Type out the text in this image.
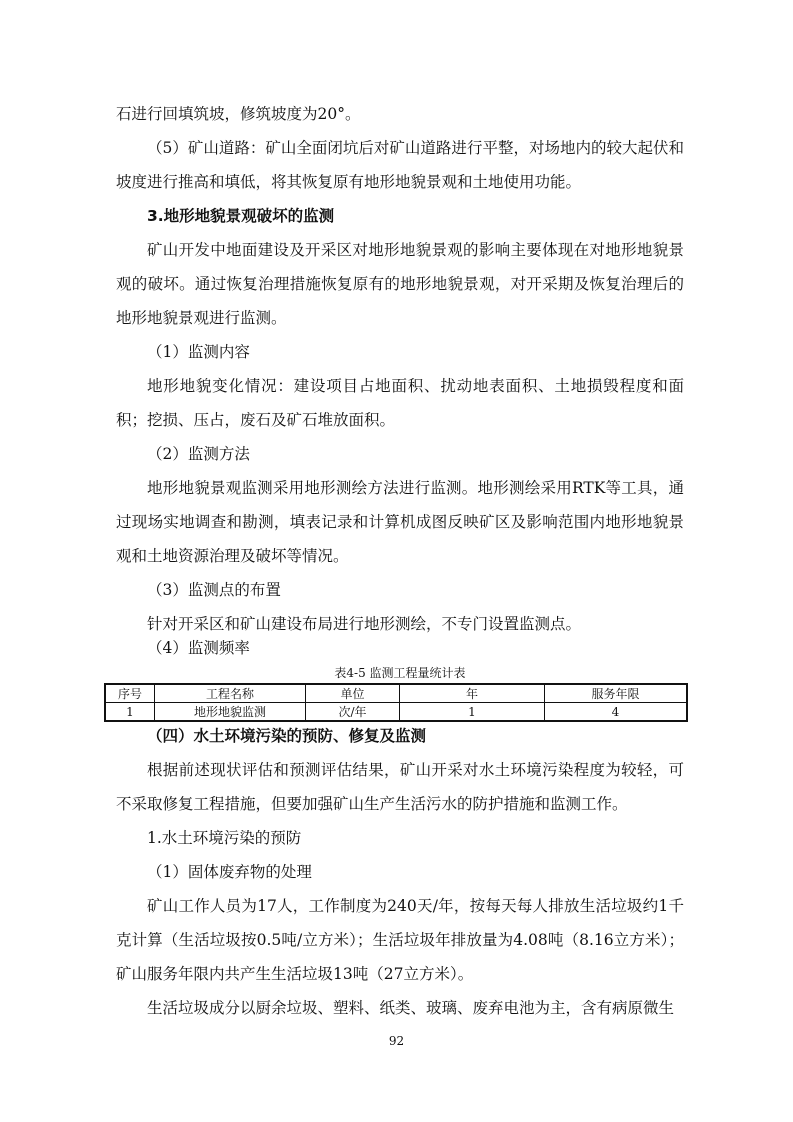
石进行回填筑坡，修筑坡度为20°。

（5）矿山道路：矿山全面闭坑后对矿山道路进行平整，对场地内的较大起伏和坡度进行推高和填低，将其恢复原有地形地貌景观和土地使用功能。

3.地形地貌景观破坏的监测

矿山开发中地面建设及开采区对地形地貌景观的影响主要体现在对地形地貌景观的破坏。通过恢复治理措施恢复原有的地形地貌景观，对开采期及恢复治理后的地形地貌景观进行监测。

（1）监测内容

地形地貌变化情况：建设项目占地面积、扰动地表面积、土地损毁程度和面积；挖损、压占，废石及矿石堆放面积。

（2）监测方法

地形地貌景观监测采用地形测绘方法进行监测。地形测绘采用RTK等工具，通过现场实地调查和勘测，填表记录和计算机成图反映矿区及影响范围内地形地貌景观和土地资源治理及破坏等情况。

（3）监测点的布置

针对开采区和矿山建设布局进行地形测绘，不专门设置监测点。

（4）监测频率

表4-5 监测工程量统计表

序号	工程名称	单位	年	服务年限
1	地形地貌监测	次/年	1	4

（四）水土环境污染的预防、修复及监测

根据前述现状评估和预测评估结果，矿山开采对水土环境污染程度为较轻，可不采取修复工程措施，但要加强矿山生产生活污水的防护措施和监测工作。

1.水土环境污染的预防

（1）固体废弃物的处理

矿山工作人员为17人，工作制度为240天/年，按每天每人排放生活垃圾约1千克计算（生活垃圾按0.5吨/立方米）；生活垃圾年排放量为4.08吨（8.16立方米）；矿山服务年限内共产生生活垃圾13吨（27立方米）。

生活垃圾成分以厨余垃圾、塑料、纸类、玻璃、废弃电池为主，含有病原微生

92
